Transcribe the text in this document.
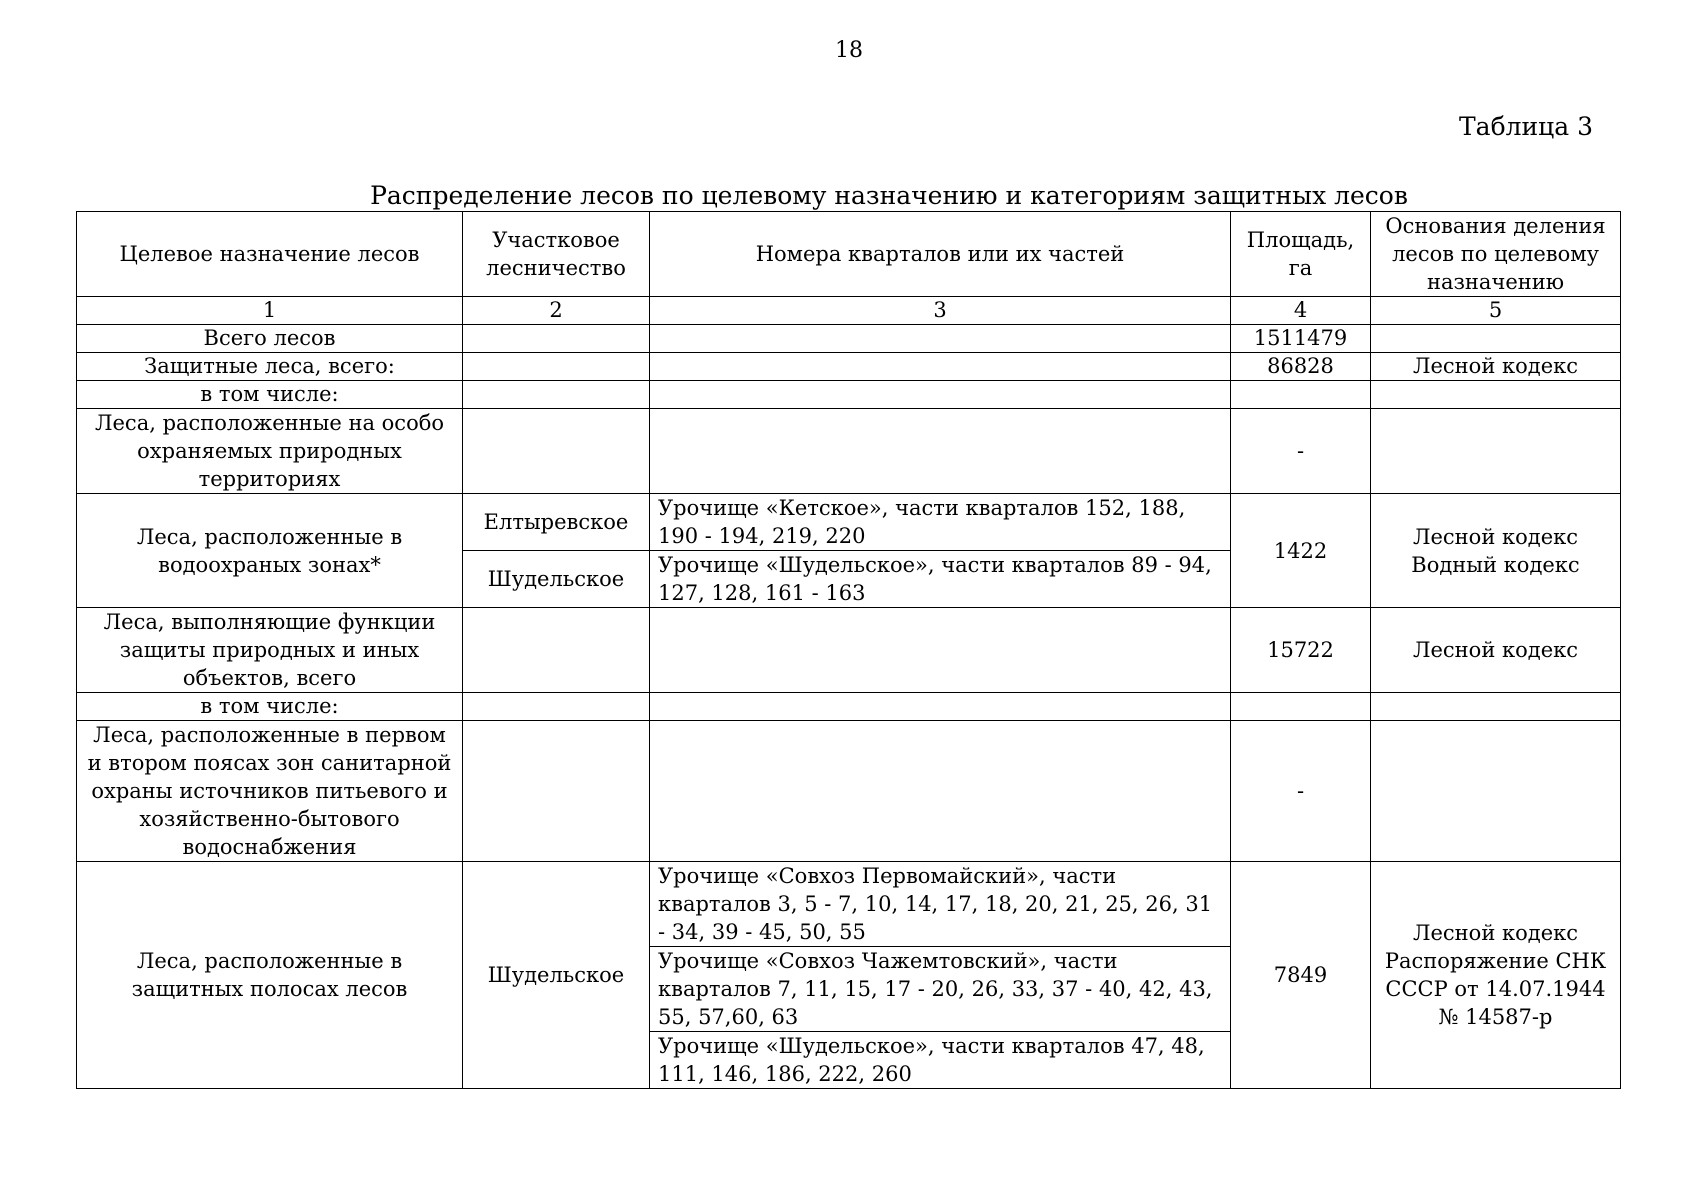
18
Таблица 3
Распределение лесов по целевому назначению и категориям защитных лесов
Целевое назначение лесов	Участковое лесничество	Номера кварталов или их частей	Площадь, га	Основания деления лесов по целевому назначению
1	2	3	4	5
Всего лесов			1511479	
Защитные леса, всего:			86828	Лесной кодекс
в том числе:				
Леса, расположенные на особо охраняемых природных территориях			-	
Леса, расположенные в водоохраных зонах*	Елтыревское	Урочище «Кетское», части кварталов 152, 188, 190 - 194, 219, 220	1422	Лесной кодекс Водный кодекс
	Шудельское	Урочище «Шудельское», части кварталов 89 - 94, 127, 128, 161 - 163		
Леса, выполняющие функции защиты природных и иных объектов, всего			15722	Лесной кодекс
в том числе:				
Леса, расположенные в первом и втором поясах зон санитарной охраны источников питьевого и хозяйственно-бытового водоснабжения			-	
Леса, расположенные в защитных полосах лесов	Шудельское	Урочище «Совхоз Первомайский», части кварталов 3, 5 - 7, 10, 14, 17, 18, 20, 21, 25, 26, 31 - 34, 39 - 45, 50, 55	7849	Лесной кодекс Распоряжение СНК СССР от 14.07.1944 № 14587-р
		Урочище «Совхоз Чажемтовский», части кварталов 7, 11, 15, 17 - 20, 26, 33, 37 - 40, 42, 43, 55, 57,60, 63		
		Урочище «Шудельское», части кварталов 47, 48, 111, 146, 186, 222, 260		
